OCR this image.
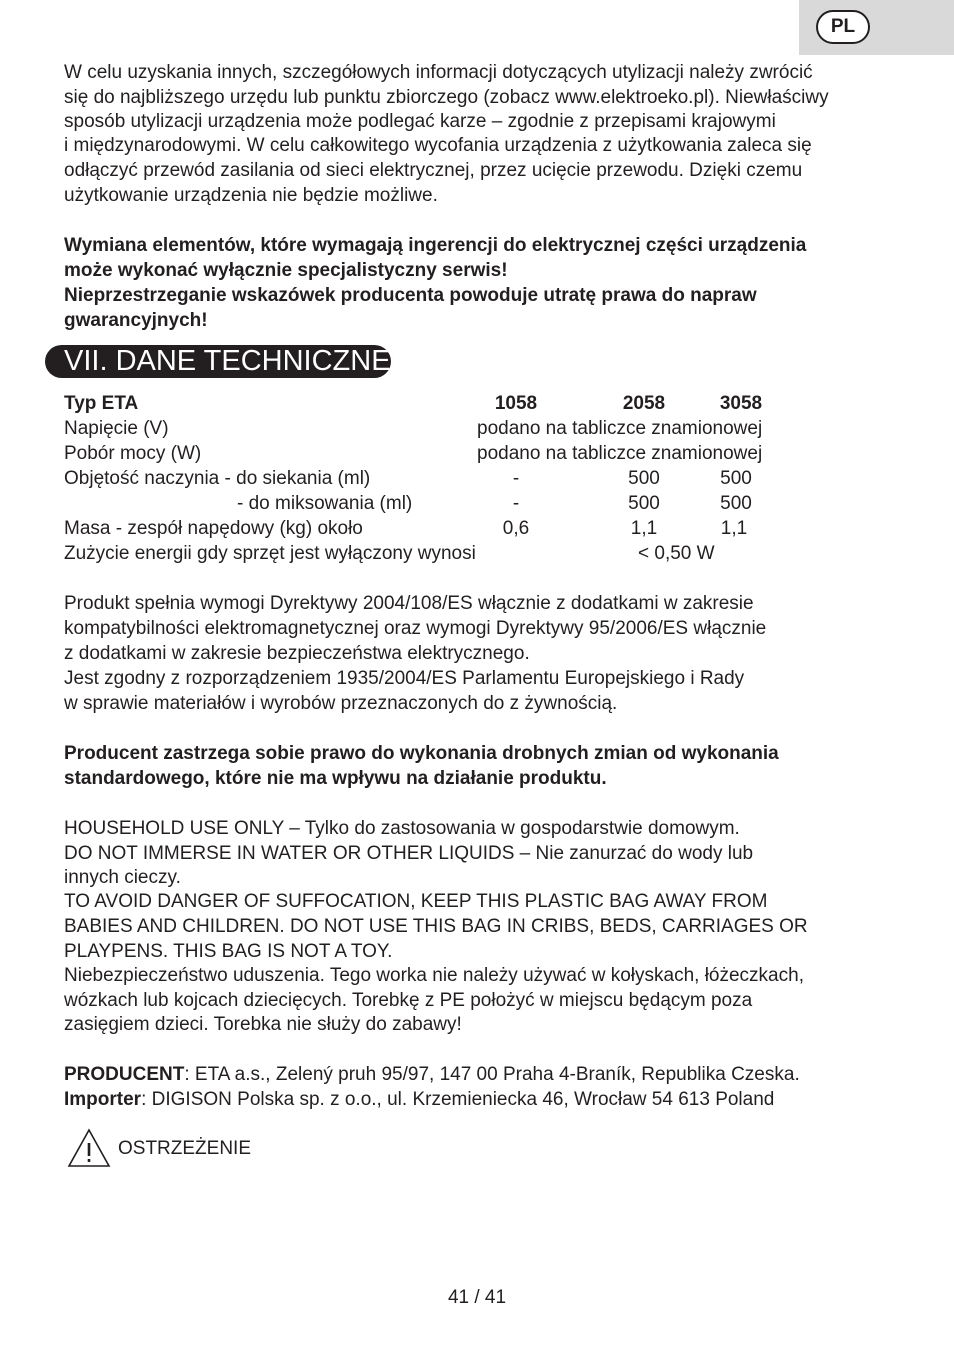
PL
W celu uzyskania innych, szczegółowych informacji dotyczących utylizacji należy zwrócić
się do najbliższego urzędu lub punktu zbiorczego (zobacz www.elektroeko.pl). Niewłaściwy
sposób utylizacji urządzenia może podlegać karze – zgodnie z przepisami krajowymi
i międzynarodowymi. W celu całkowitego wycofania urządzenia z użytkowania zaleca się
odłączyć przewód zasilania od sieci elektrycznej, przez ucięcie przewodu. Dzięki czemu
użytkowanie urządzenia nie będzie możliwe.
Wymiana elementów, które wymagają ingerencji do elektrycznej części urządzenia
może wykonać wyłącznie specjalistyczny serwis!
Nieprzestrzeganie wskazówek producenta powoduje utratę prawa do napraw
gwarancyjnych!
VII. DANE TECHNICZNE
Typ ETA	1058	2058	3058
Napięcie (V)	podano na tabliczce znamionowej
Pobór mocy (W)	podano na tabliczce znamionowej
Objętość naczynia - do siekania (ml)	-	500	500
- do miksowania (ml)	-	500	500
Masa - zespół napędowy (kg) około	0,6	1,1	1,1
Zużycie energii gdy sprzęt jest wyłączony wynosi	< 0,50 W
Produkt spełnia wymogi Dyrektywy 2004/108/ES włącznie z dodatkami w zakresie
kompatybilności elektromagnetycznej oraz wymogi Dyrektywy 95/2006/ES włącznie
z dodatkami w zakresie bezpieczeństwa elektrycznego.
Jest zgodny z rozporządzeniem 1935/2004/ES Parlamentu Europejskiego i Rady
w sprawie materiałów i wyrobów przeznaczonych do z żywnością.
Producent zastrzega sobie prawo do wykonania drobnych zmian od wykonania
standardowego, które nie ma wpływu na działanie produktu.
HOUSEHOLD USE ONLY – Tylko do zastosowania w gospodarstwie domowym.
DO NOT IMMERSE IN WATER OR OTHER LIQUIDS – Nie zanurzać do wody lub
innych cieczy.
TO AVOID DANGER OF SUFFOCATION, KEEP THIS PLASTIC BAG AWAY FROM
BABIES AND CHILDREN. DO NOT USE THIS BAG IN CRIBS, BEDS, CARRIAGES OR
PLAYPENS. THIS BAG IS NOT A TOY.
Niebezpieczeństwo uduszenia. Tego worka nie należy używać w kołyskach, łóżeczkach,
wózkach lub kojcach dziecięcych. Torebkę z PE położyć w miejscu będącym poza
zasięgiem dzieci. Torebka nie służy do zabawy!
PRODUCENT: ETA a.s., Zelený pruh 95/97, 147 00 Praha 4-Braník, Republika Czeska.
Importer: DIGISON Polska sp. z o.o., ul. Krzemieniecka 46, Wrocław 54 613 Poland
OSTRZEŻENIE
41 / 41
